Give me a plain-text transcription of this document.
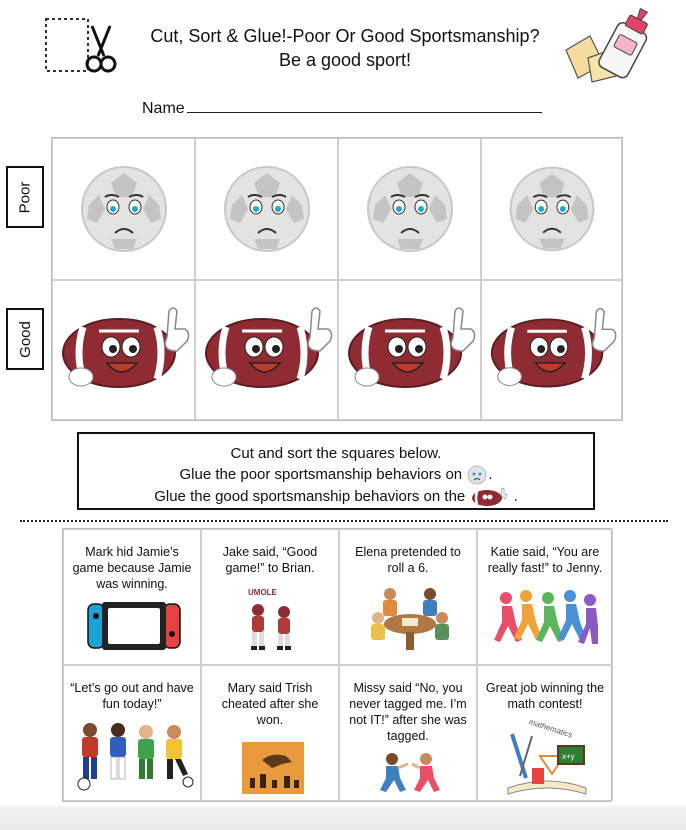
Cut, Sort & Glue!-Poor Or Good Sportsmanship?
Be a good sport!
Name
Poor
Good
Cut and sort the squares below.
Glue the poor sportsmanship behaviors on .
Glue the good sportsmanship behaviors on the	.
Mark hid Jamie’s game because Jamie was winning.
Jake said, “Good game!” to Brian.
UMOLE
Elena pretended to roll a 6.
Katie said, “You are really fast!” to Jenny.
“Let’s go out and have fun today!”
Mary said Trish cheated after she won.
Missy said “No, you never tagged me. I’m not IT!” after she was tagged.
Great job winning the math contest!
mathematics
x+y
